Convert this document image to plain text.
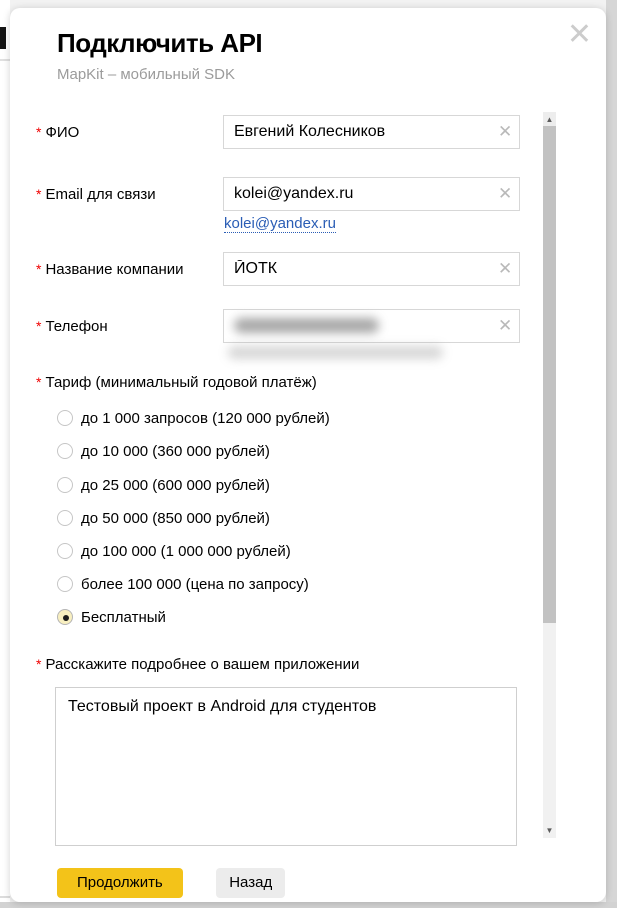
✕
Подключить API
MapKit – мобильный SDK
* ФИО
Евгений Колесников	✕
* Email для связи
kolei@yandex.ru	✕
kolei@yandex.ru
* Название компании
ЙОТК	✕
* Телефон	✕
* Тариф (минимальный годовой платёж)
до 1 000 запросов (120 000 рублей)
до 10 000 (360 000 рублей)
до 25 000 (600 000 рублей)
до 50 000 (850 000 рублей)
до 100 000 (1 000 000 рублей)
более 100 000 (цена по запросу)
Бесплатный
* Расскажите подробнее о вашем приложении
Тестовый проект в Android для студентов
▲
▼
Продолжить	Назад
